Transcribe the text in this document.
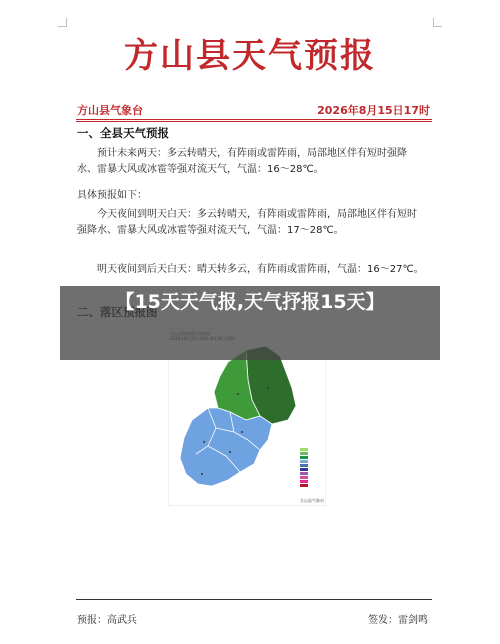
方山县天气预报
方山县气象台	2026年8月15日17时
一、全县天气预报
预计未来两天：多云转晴天，有阵雨或雷阵雨，局部地区伴有短时强降水、雷暴大风或冰雹等强对流天气，气温：16～28℃。
具体预报如下：
今天夜间到明天白天：多云转晴天，有阵雨或雷阵雨，局部地区伴有短时强降水、雷暴大风或冰雹等强对流天气，气温：17～28℃。
明天夜间到后天白天：晴天转多云，有阵雨或雷阵雨，气温：16～27℃。
方山县气象台
预报：高武兵	签发：雷剑鸣
【15天天气报,天气抒报15天】
